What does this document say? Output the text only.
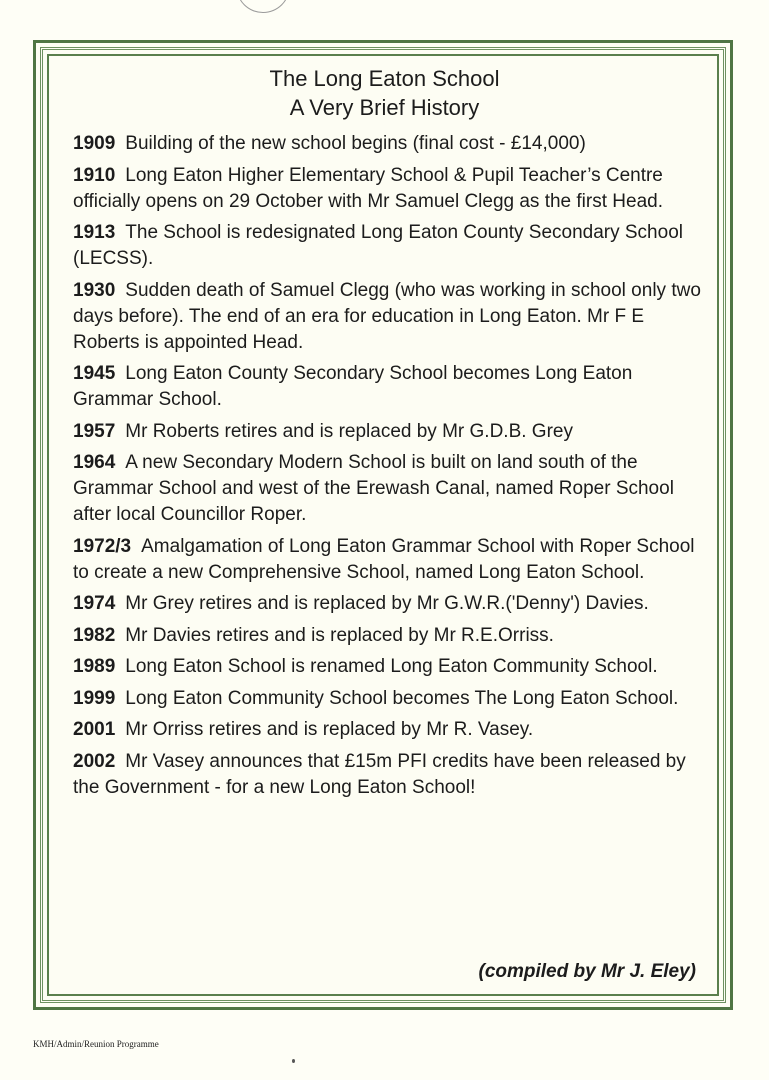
The Long Eaton School
A Very Brief History

1909 Building of the new school begins (final cost - £14,000)

1910 Long Eaton Higher Elementary School & Pupil Teacher’s Centre officially opens on 29 October with Mr Samuel Clegg as the first Head.

1913 The School is redesignated Long Eaton County Secondary School (LECSS).

1930 Sudden death of Samuel Clegg (who was working in school only two days before). The end of an era for education in Long Eaton. Mr F E Roberts is appointed Head.

1945 Long Eaton County Secondary School becomes Long Eaton Grammar School.

1957 Mr Roberts retires and is replaced by Mr G.D.B. Grey

1964 A new Secondary Modern School is built on land south of the Grammar School and west of the Erewash Canal, named Roper School after local Councillor Roper.

1972/3 Amalgamation of Long Eaton Grammar School with Roper School to create a new Comprehensive School, named Long Eaton School.

1974 Mr Grey retires and is replaced by Mr G.W.R.('Denny') Davies.

1982 Mr Davies retires and is replaced by Mr R.E.Orriss.

1989 Long Eaton School is renamed Long Eaton Community School.

1999 Long Eaton Community School becomes The Long Eaton School.

2001 Mr Orriss retires and is replaced by Mr R. Vasey.

2002 Mr Vasey announces that £15m PFI credits have been released by the Government - for a new Long Eaton School!

(compiled by Mr J. Eley)
KMH/Admin/Reunion Programme
